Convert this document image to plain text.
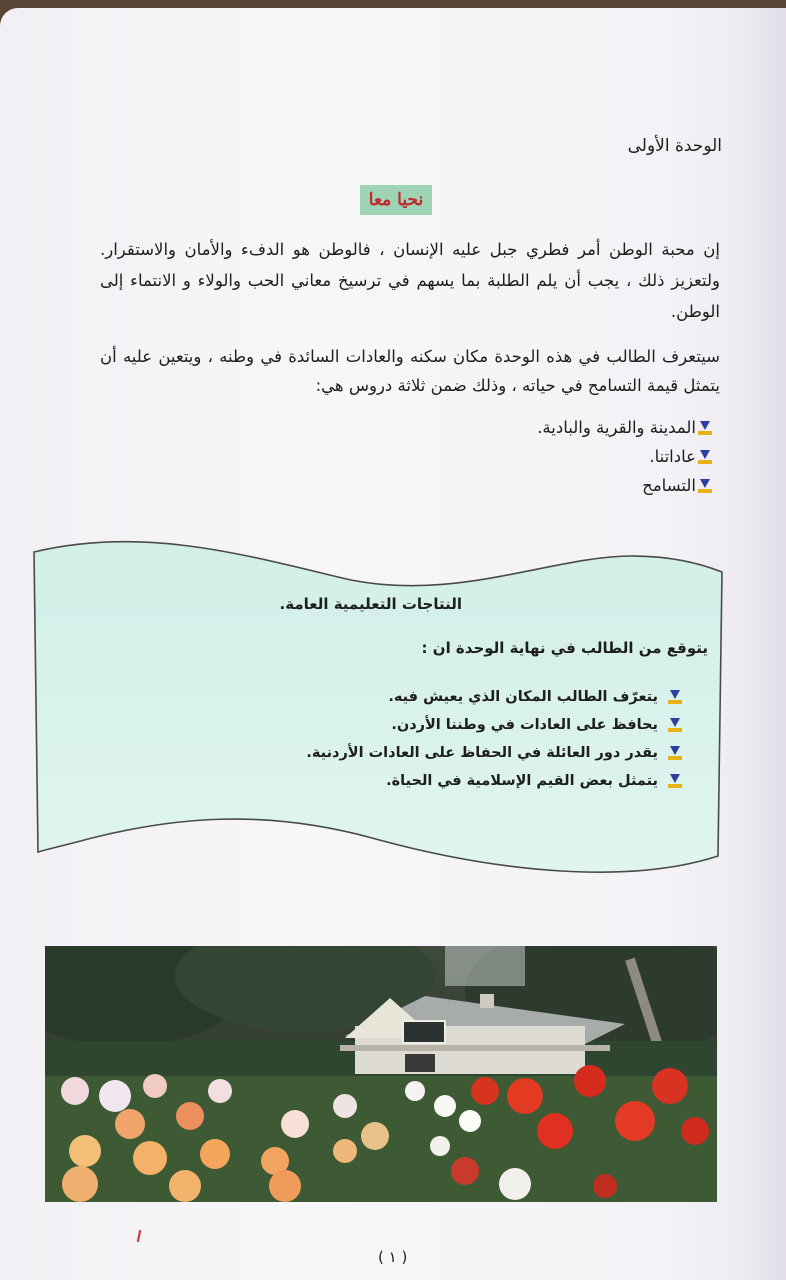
الوحدة الأولى
نحيا معا
إن محبة الوطن أمر فطري جبل عليه الإنسان ، فالوطن هو الدفء والأمان والاستقرار. ولتعزيز ذلك ، يجب أن يلم الطلبة بما يسهم في ترسيخ معاني الحب والولاء و الانتماء إلى الوطن.
سيتعرف الطالب في هذه الوحدة مكان سكنه والعادات السائدة في وطنه ، ويتعين عليه أن يتمثل قيمة التسامح في حياته ، وذلك ضمن ثلاثة دروس هي:
المدينة والقرية والبادية.
عاداتنا.
التسامح
النتاجات التعليمية العامة.
يتوقع من الطالب في نهاية الوحدة ان :
يتعرّف الطالب المكان الذي يعيش فيه.
يحافظ على العادات في وطننا الأردن.
يقدر دور العائلة في الحفاظ على العادات الأردنية.
يتمثل بعض القيم الإسلامية في الحياة.
( ١ )
